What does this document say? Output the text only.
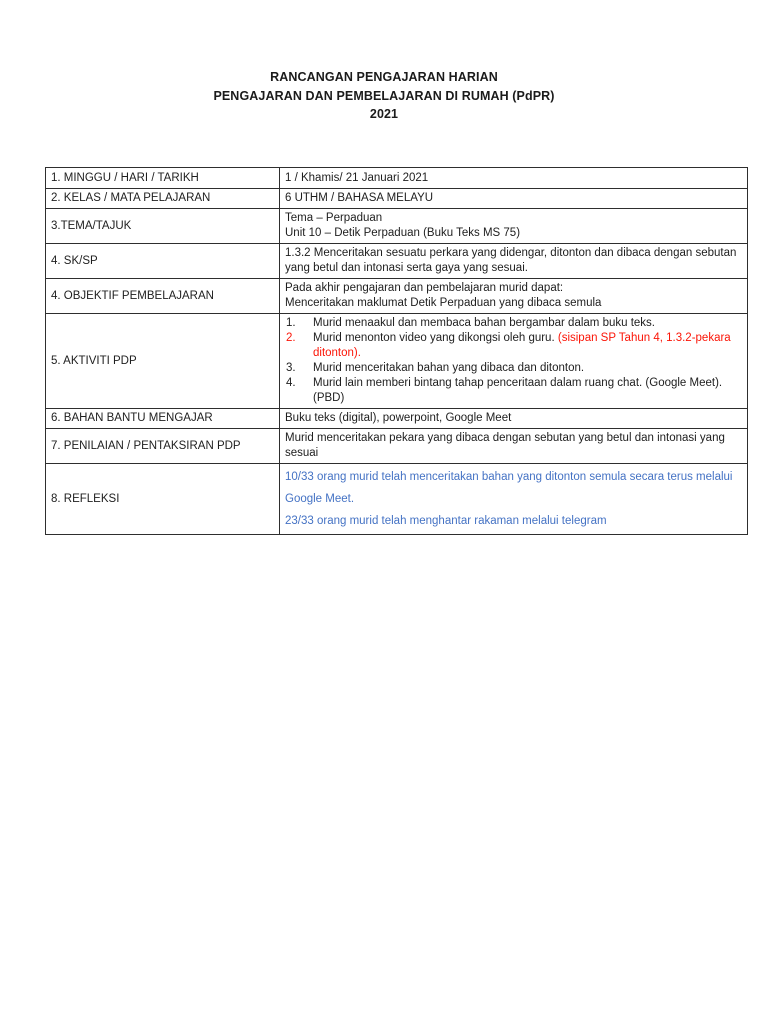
RANCANGAN PENGAJARAN HARIAN
PENGAJARAN DAN PEMBELAJARAN DI RUMAH (PdPR)
2021
1. MINGGU / HARI / TARIKH	1 / Khamis/ 21 Januari 2021
2. KELAS / MATA PELAJARAN	6 UTHM / BAHASA MELAYU
3.TEMA/TAJUK	Tema – Perpaduan
Unit 10 – Detik Perpaduan (Buku Teks MS 75)

4. SK/SP	1.3.2 Menceritakan sesuatu perkara yang didengar, ditonton dan dibaca dengan sebutan yang betul dan intonasi serta gaya yang sesuai.
4. OBJEKTIF PEMBELAJARAN	Pada akhir pengajaran dan pembelajaran murid dapat:
Menceritakan maklumat Detik Perpaduan yang dibaca semula

5. AKTIVITI PDP	
1.	Murid menaakul dan membaca bahan bergambar dalam buku teks.
2.	Murid menonton video yang dikongsi oleh guru. (sisipan SP Tahun 4, 1.3.2-pekara ditonton).
3.	Murid menceritakan bahan yang dibaca dan ditonton.
4.	Murid lain memberi bintang tahap penceritaan dalam ruang chat. (Google Meet). (PBD)

6. BAHAN BANTU MENGAJAR	Buku teks (digital), powerpoint, Google Meet
7. PENILAIAN / PENTAKSIRAN PDP	Murid menceritakan pekara yang dibaca dengan sebutan yang betul dan intonasi yang sesuai
8. REFLEKSI	10/33 orang murid telah menceritakan bahan yang ditonton semula secara terus melalui Google Meet.

23/33 orang murid telah menghantar rakaman melalui telegram
